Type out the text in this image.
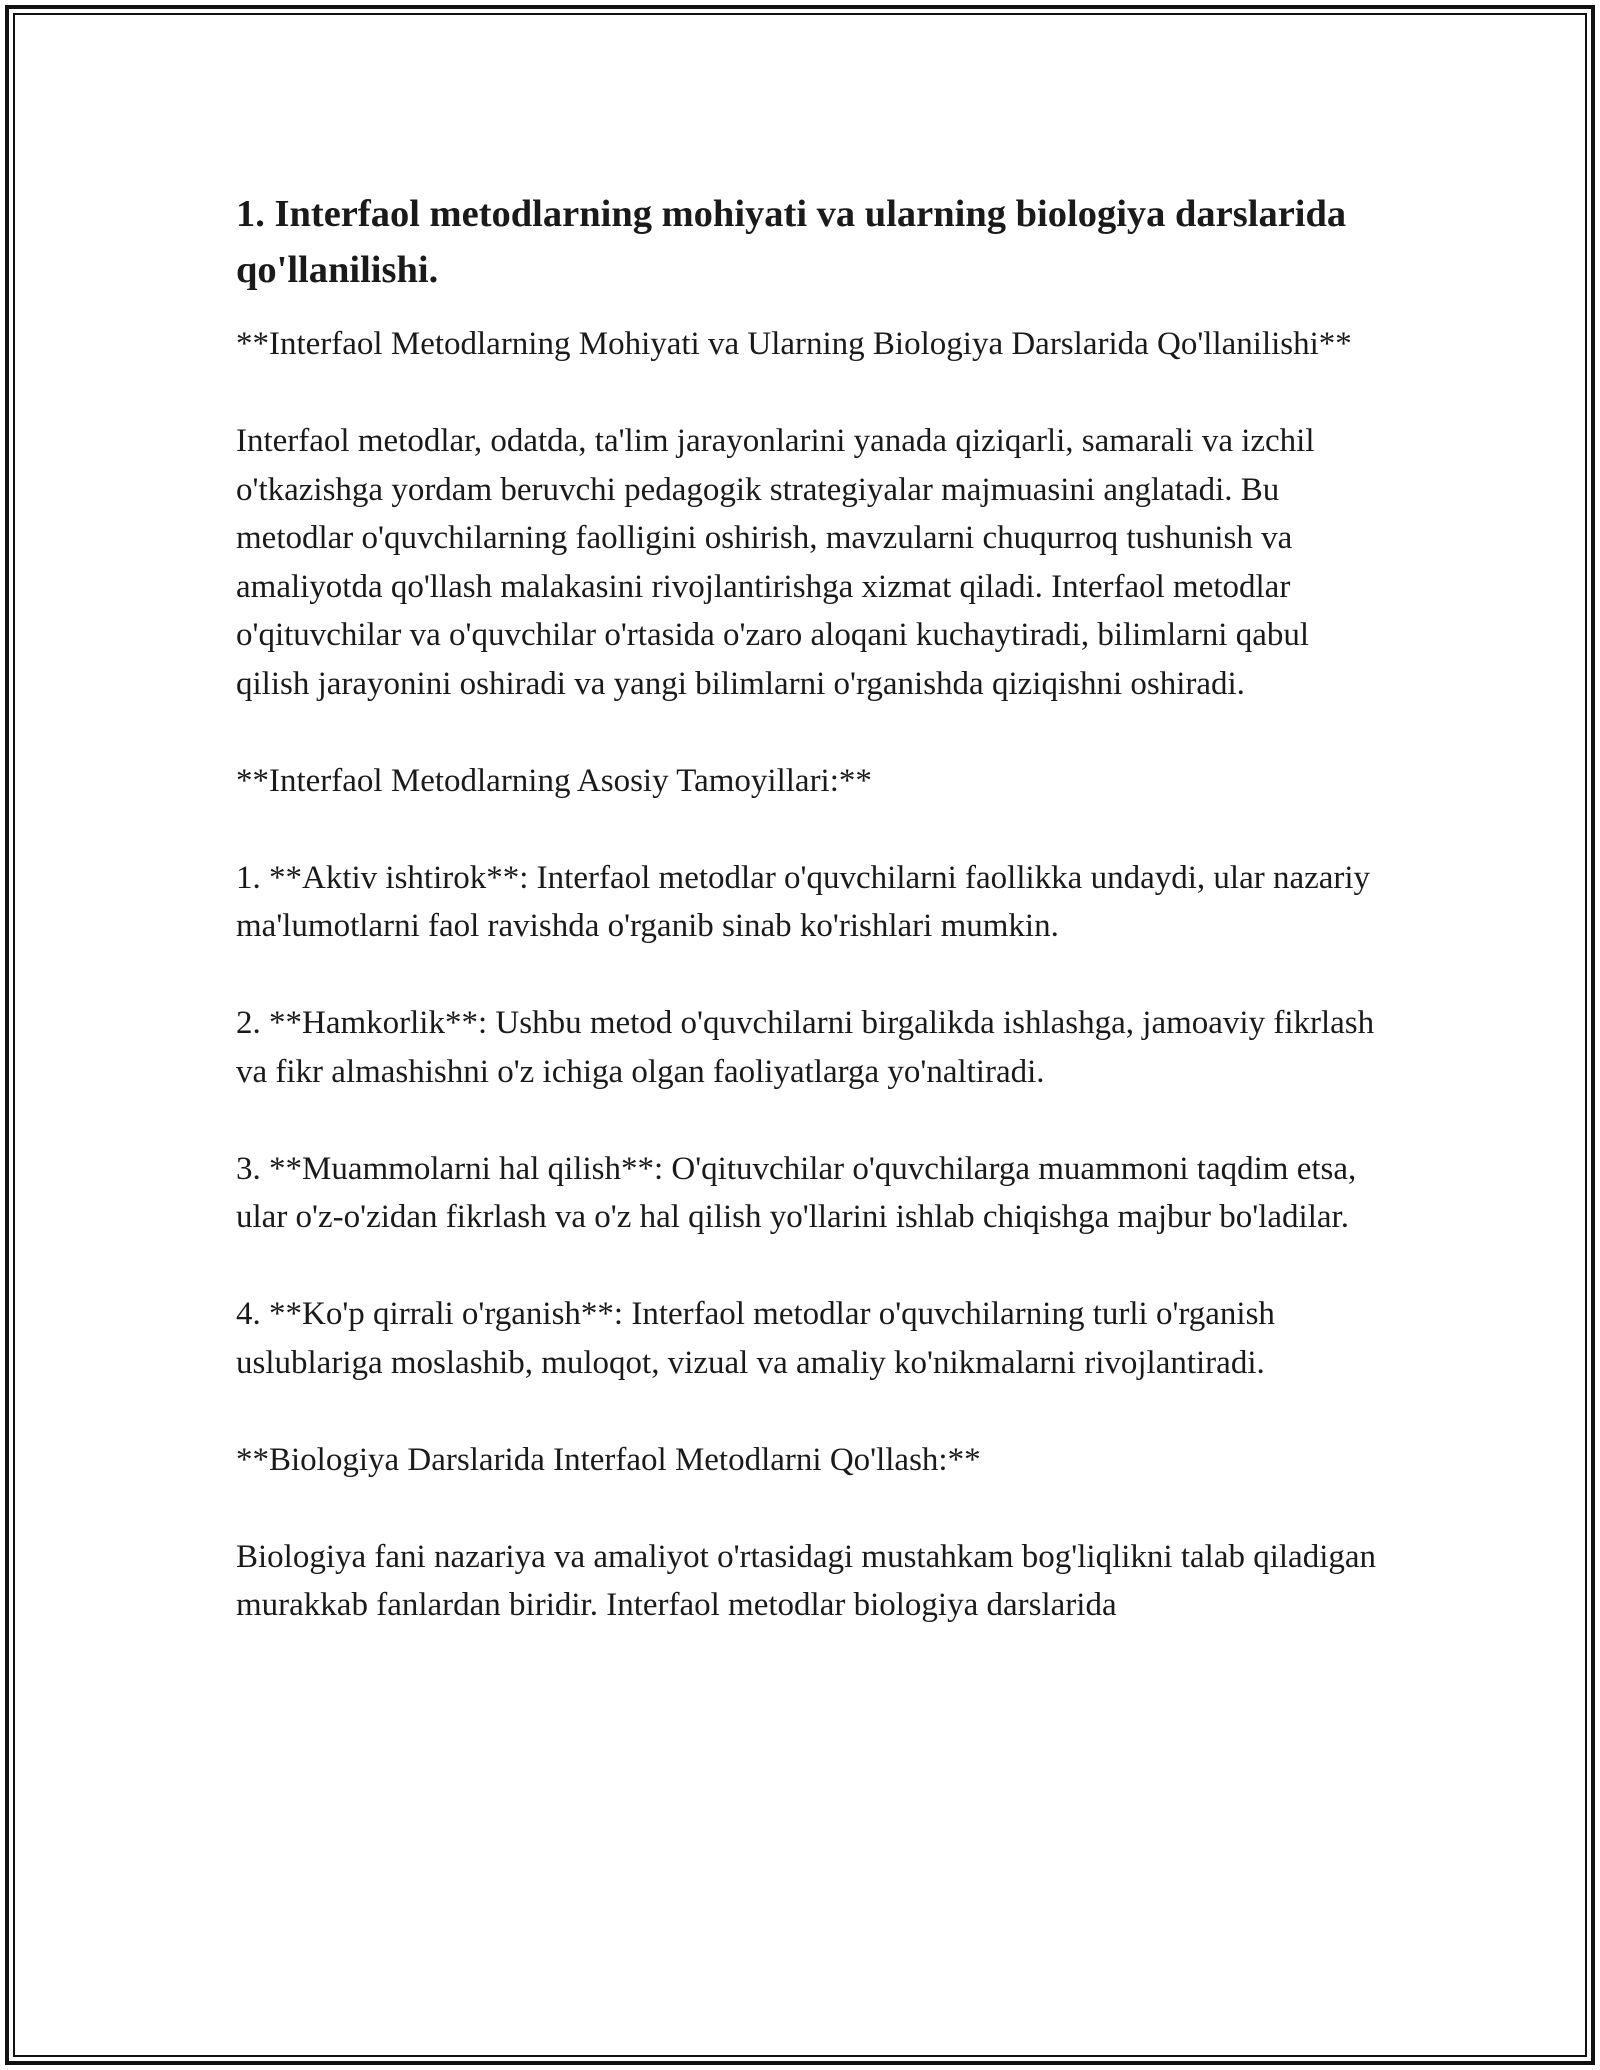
1. Interfaol metodlarning mohiyati va ularning biologiya darslarida qo'llanilishi.

**Interfaol Metodlarning Mohiyati va Ularning Biologiya Darslarida Qo'llanilishi**

Interfaol metodlar, odatda, ta'lim jarayonlarini yanada qiziqarli, samarali va izchil o'tkazishga yordam beruvchi pedagogik strategiyalar majmuasini anglatadi. Bu metodlar o'quvchilarning faolligini oshirish, mavzularni chuqurroq tushunish va amaliyotda qo'llash malakasini rivojlantirishga xizmat qiladi. Interfaol metodlar o'qituvchilar va o'quvchilar o'rtasida o'zaro aloqani kuchaytiradi, bilimlarni qabul qilish jarayonini oshiradi va yangi bilimlarni o'rganishda qiziqishni oshiradi.

**Interfaol Metodlarning Asosiy Tamoyillari:**

1. **Aktiv ishtirok**: Interfaol metodlar o'quvchilarni faollikka undaydi, ular nazariy ma'lumotlarni faol ravishda o'rganib sinab ko'rishlari mumkin.

2. **Hamkorlik**: Ushbu metod o'quvchilarni birgalikda ishlashga, jamoaviy fikrlash va fikr almashishni o'z ichiga olgan faoliyatlarga yo'naltiradi.

3. **Muammolarni hal qilish**: O'qituvchilar o'quvchilarga muammoni taqdim etsa, ular o'z-o'zidan fikrlash va o'z hal qilish yo'llarini ishlab chiqishga majbur bo'ladilar.

4. **Ko'p qirrali o'rganish**: Interfaol metodlar o'quvchilarning turli o'rganish uslublariga moslashib, muloqot, vizual va amaliy ko'nikmalarni rivojlantiradi.

**Biologiya Darslarida Interfaol Metodlarni Qo'llash:**

Biologiya fani nazariya va amaliyot o'rtasidagi mustahkam bog'liqlikni talab qiladigan murakkab fanlardan biridir. Interfaol metodlar biologiya darslarida
